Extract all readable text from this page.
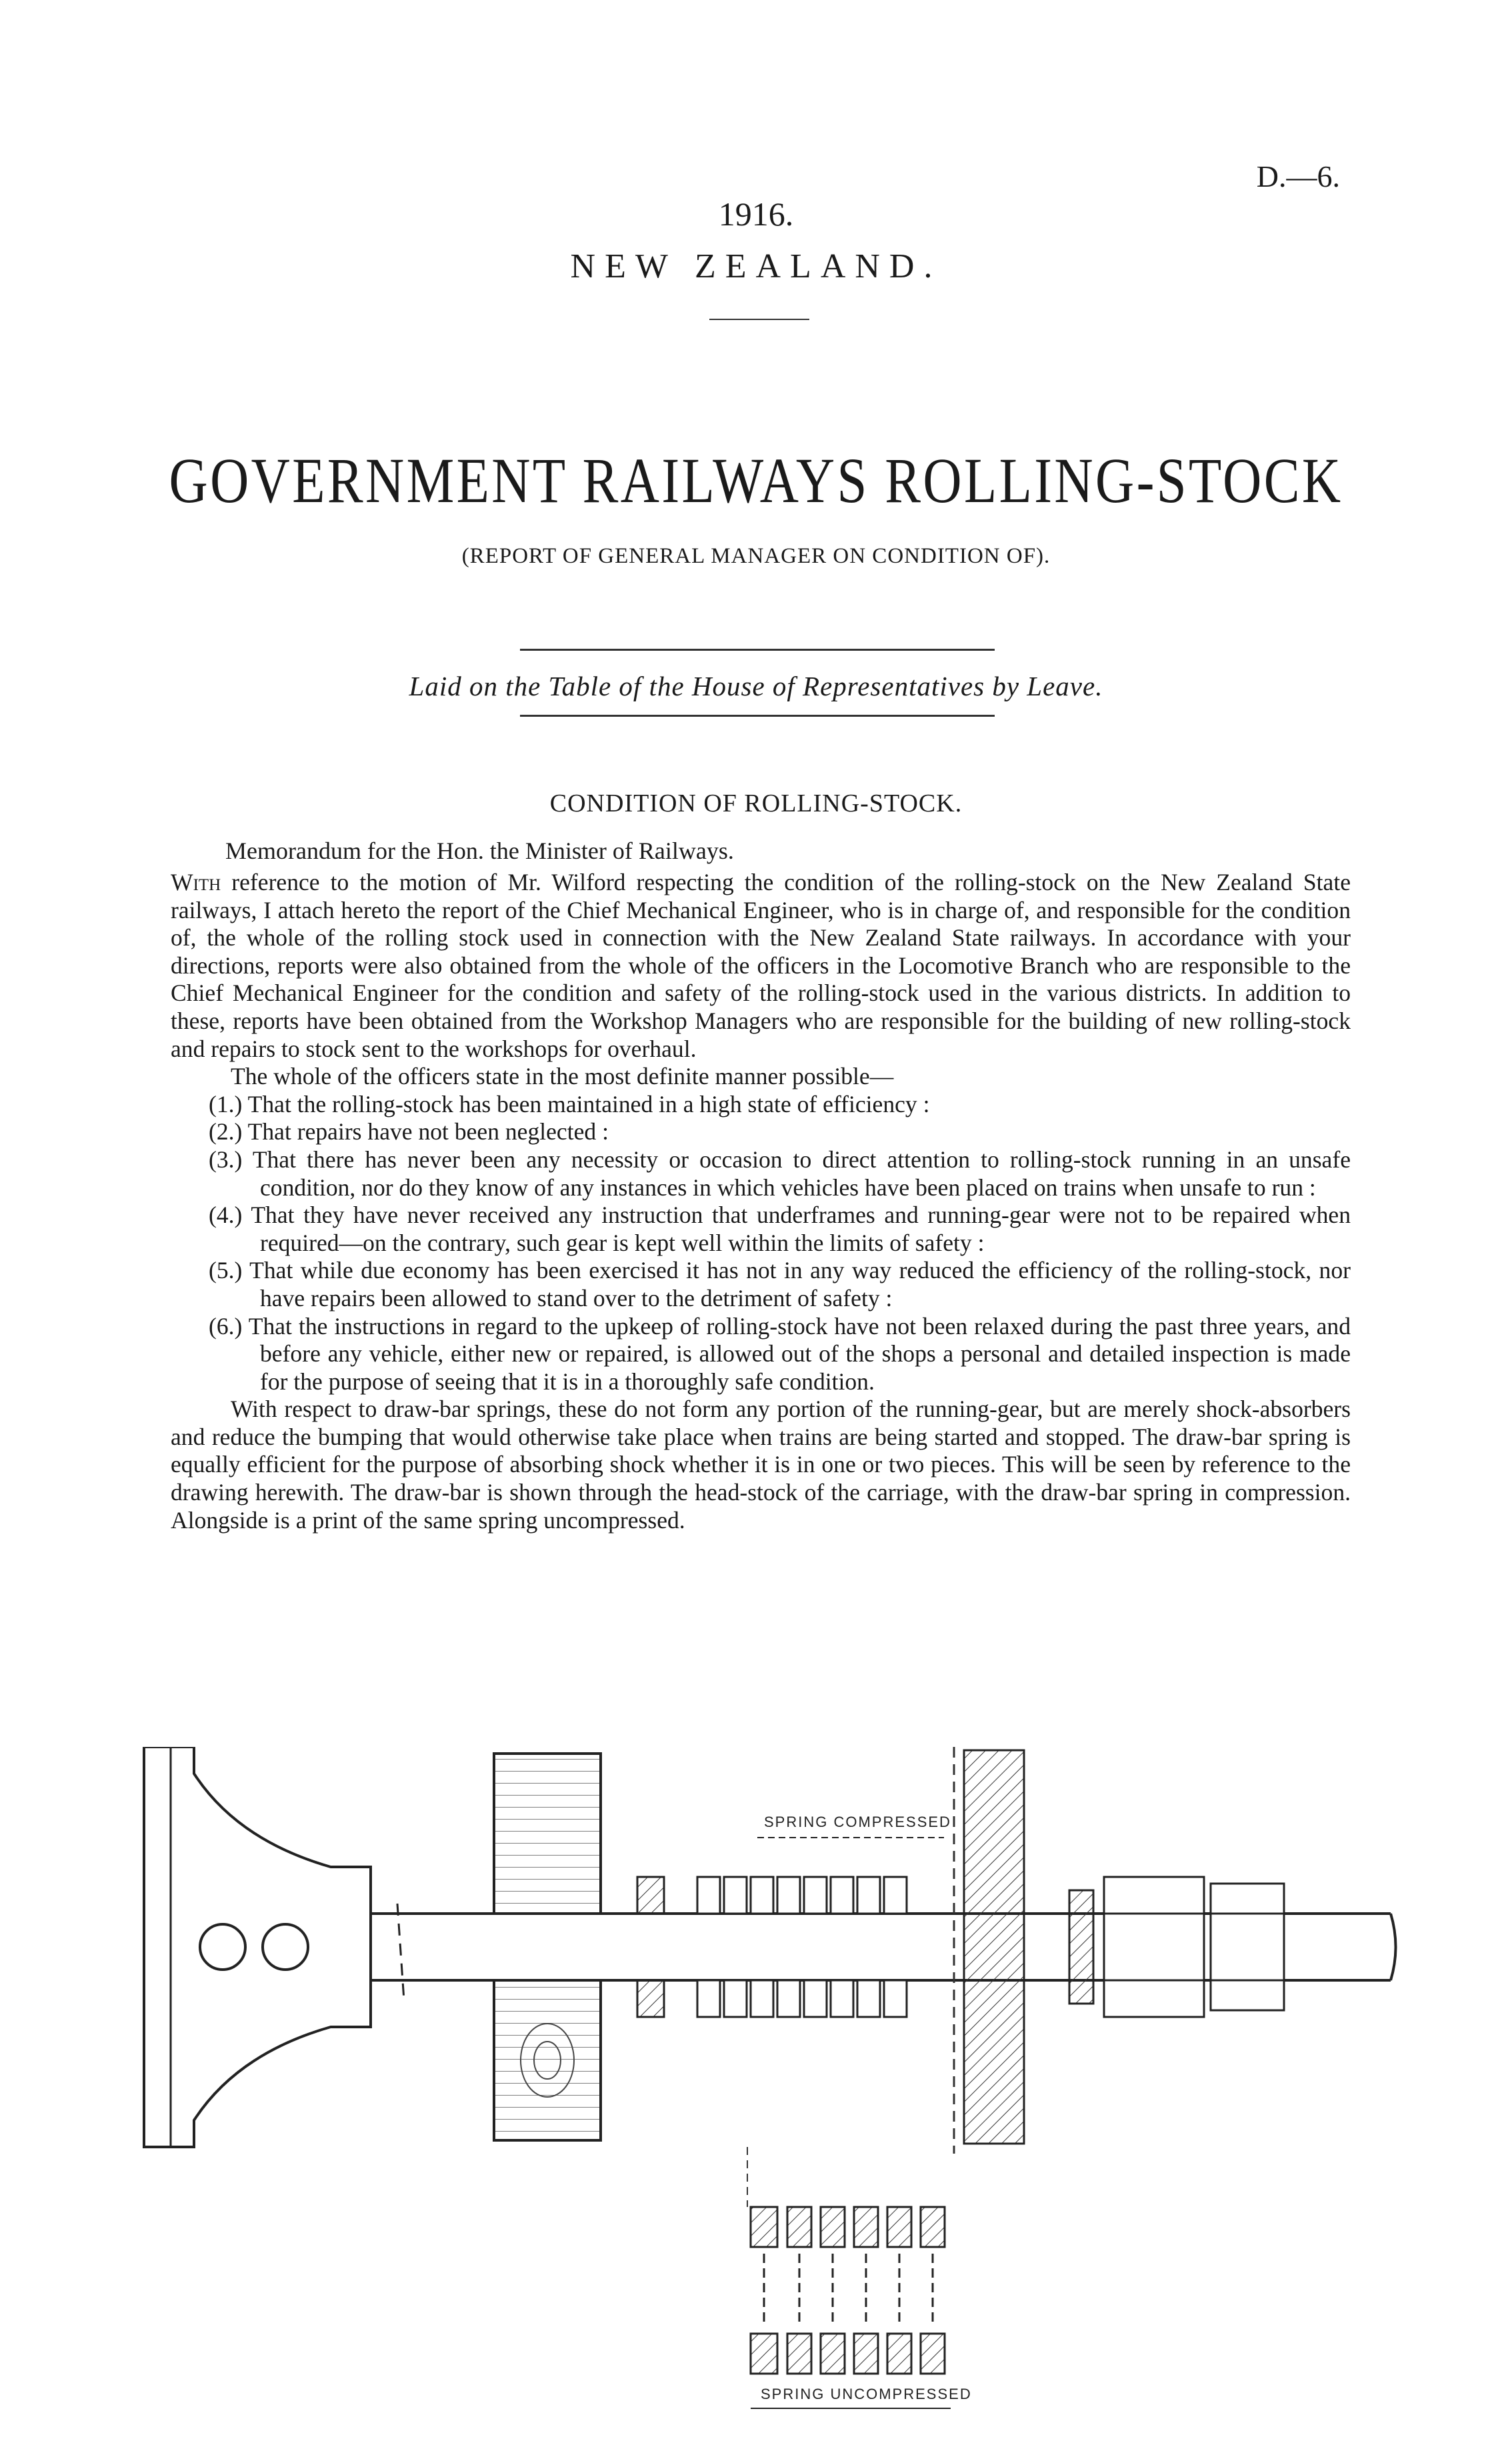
D.—6.
1916.
NEW ZEALAND.
GOVERNMENT RAILWAYS ROLLING-STOCK
(REPORT OF GENERAL MANAGER ON CONDITION OF).
Laid on the Table of the House of Representatives by Leave.
CONDITION OF ROLLING-STOCK.
Memorandum for the Hon. the Minister of Railways.

With reference to the motion of Mr. Wilford respecting the condition of the rolling-stock on the New Zealand State railways, I attach hereto the report of the Chief Mechanical Engineer, who is in charge of, and responsible for the condition of, the whole of the rolling stock used in connection with the New Zealand State railways. In accordance with your directions, reports were also obtained from the whole of the officers in the Locomotive Branch who are responsible to the Chief Mechanical Engineer for the condition and safety of the rolling-stock used in the various districts. In addition to these, reports have been obtained from the Workshop Managers who are responsible for the building of new rolling-stock and repairs to stock sent to the workshops for overhaul.

The whole of the officers state in the most definite manner possible—

(1.) That the rolling-stock has been maintained in a high state of efficiency :

(2.) That repairs have not been neglected :

(3.) That there has never been any necessity or occasion to direct attention to rolling-stock running in an unsafe condition, nor do they know of any instances in which vehicles have been placed on trains when unsafe to run :

(4.) That they have never received any instruction that underframes and running-gear were not to be repaired when required—on the contrary, such gear is kept well within the limits of safety :

(5.) That while due economy has been exercised it has not in any way reduced the efficiency of the rolling-stock, nor have repairs been allowed to stand over to the detriment of safety :

(6.) That the instructions in regard to the upkeep of rolling-stock have not been relaxed during the past three years, and before any vehicle, either new or repaired, is allowed out of the shops a personal and detailed inspection is made for the purpose of seeing that it is in a thoroughly safe condition.

With respect to draw-bar springs, these do not form any portion of the running-gear, but are merely shock-absorbers and reduce the bumping that would otherwise take place when trains are being started and stopped. The draw-bar spring is equally efficient for the purpose of absorbing shock whether it is in one or two pieces. This will be seen by reference to the drawing herewith. The draw-bar is shown through the head-stock of the carriage, with the draw-bar spring in compression. Alongside is a print of the same spring uncompressed.

SPRING COMPRESSED
SPRING UNCOMPRESSED
